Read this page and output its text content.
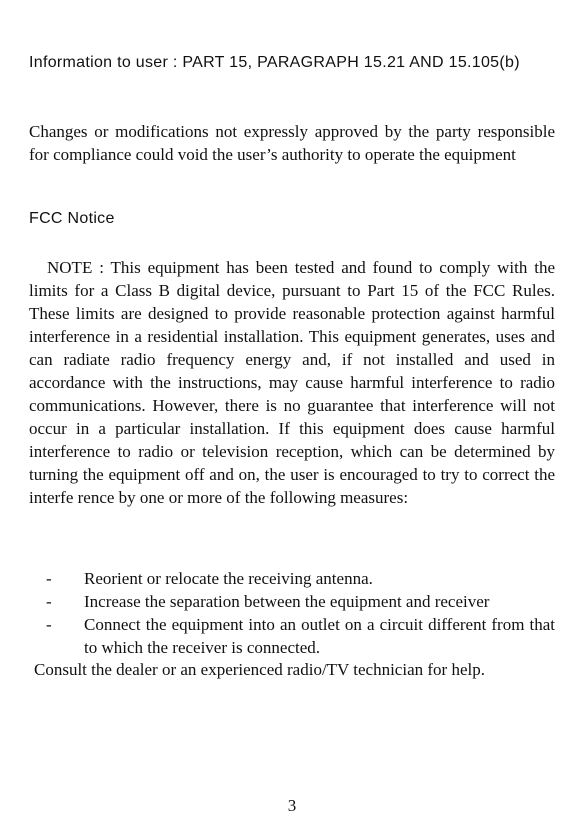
Information to user : PART 15, PARAGRAPH 15.21 AND 15.105(b)
Changes or modifications not expressly approved by the party responsible for compliance could void the user’s authority to operate the equipment
FCC Notice
NOTE : This equipment has been tested and found to comply with the limits for a Class B digital device, pursuant to Part 15 of the FCC Rules. These limits are designed to provide reasonable protection against harmful interference in a residential installation. This equipment generates, uses and can radiate radio frequency energy and, if not installed and used in accordance with the instructions, may cause harmful interference to radio communications. However, there is no guarantee that interference will not occur in a particular installation. If this equipment does cause harmful interference to radio or television reception, which can be determined by turning the equipment off and on, the user is encouraged to try to correct the interfe rence by one or more of the following measures:
- Reorient or relocate the receiving antenna.
- Increase the separation between the equipment and receiver
- Connect the equipment into an outlet on a circuit different from that to which the receiver is connected.
Consult the dealer or an experienced radio/TV technician for help.
3
